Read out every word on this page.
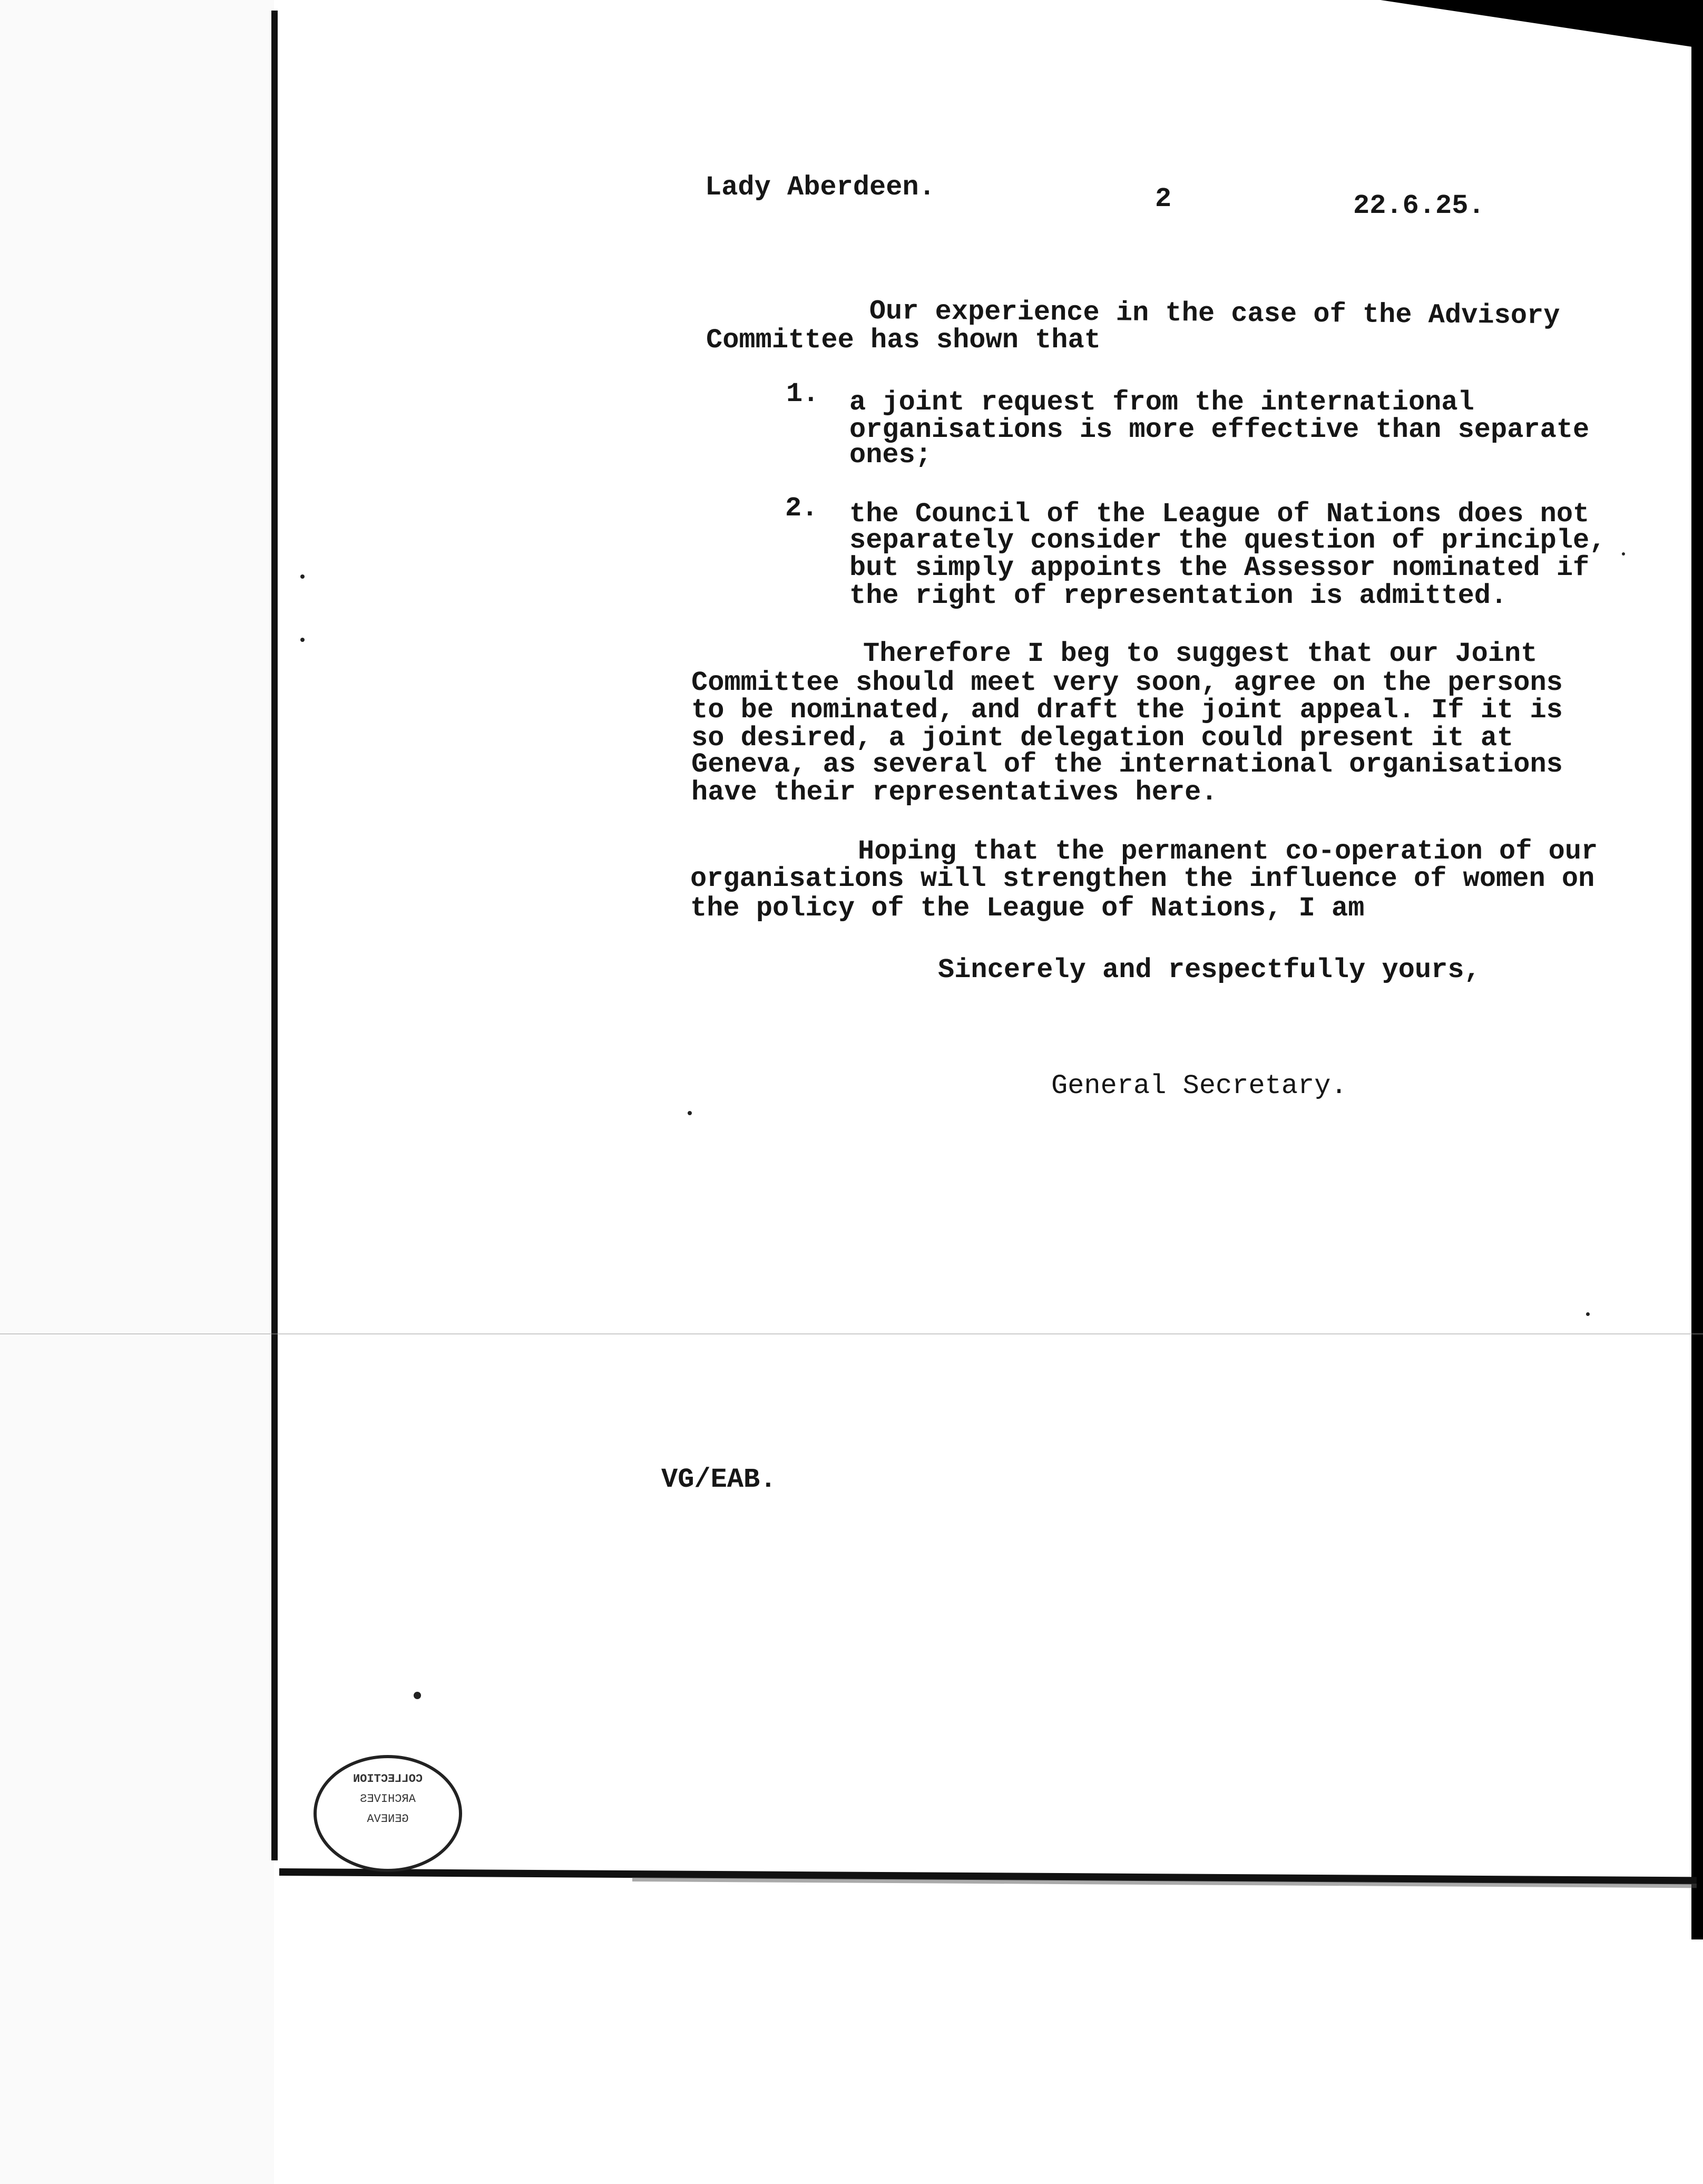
Lady Aberdeen.	2	22.6.25.
Our experience in the case of the Advisory
Committee has shown that
1. a joint request from the international
organisations is more effective than separate
ones;
2. the Council of the League of Nations does not
separately consider the question of principle,
but simply appoints the Assessor nominated if
the right of representation is admitted.
Therefore I beg to suggest that our Joint
Committee should meet very soon, agree on the persons
to be nominated, and draft the joint appeal. If it is
so desired, a joint delegation could present it at
Geneva, as several of the international organisations
have their representatives here.
Hoping that the permanent co-operation of our
organisations will strengthen the influence of women on
the policy of the League of Nations, I am
Sincerely and respectfully yours,
General Secretary.
VG/EAB.
COLLECTION
ARCHIVES
GENEVA
